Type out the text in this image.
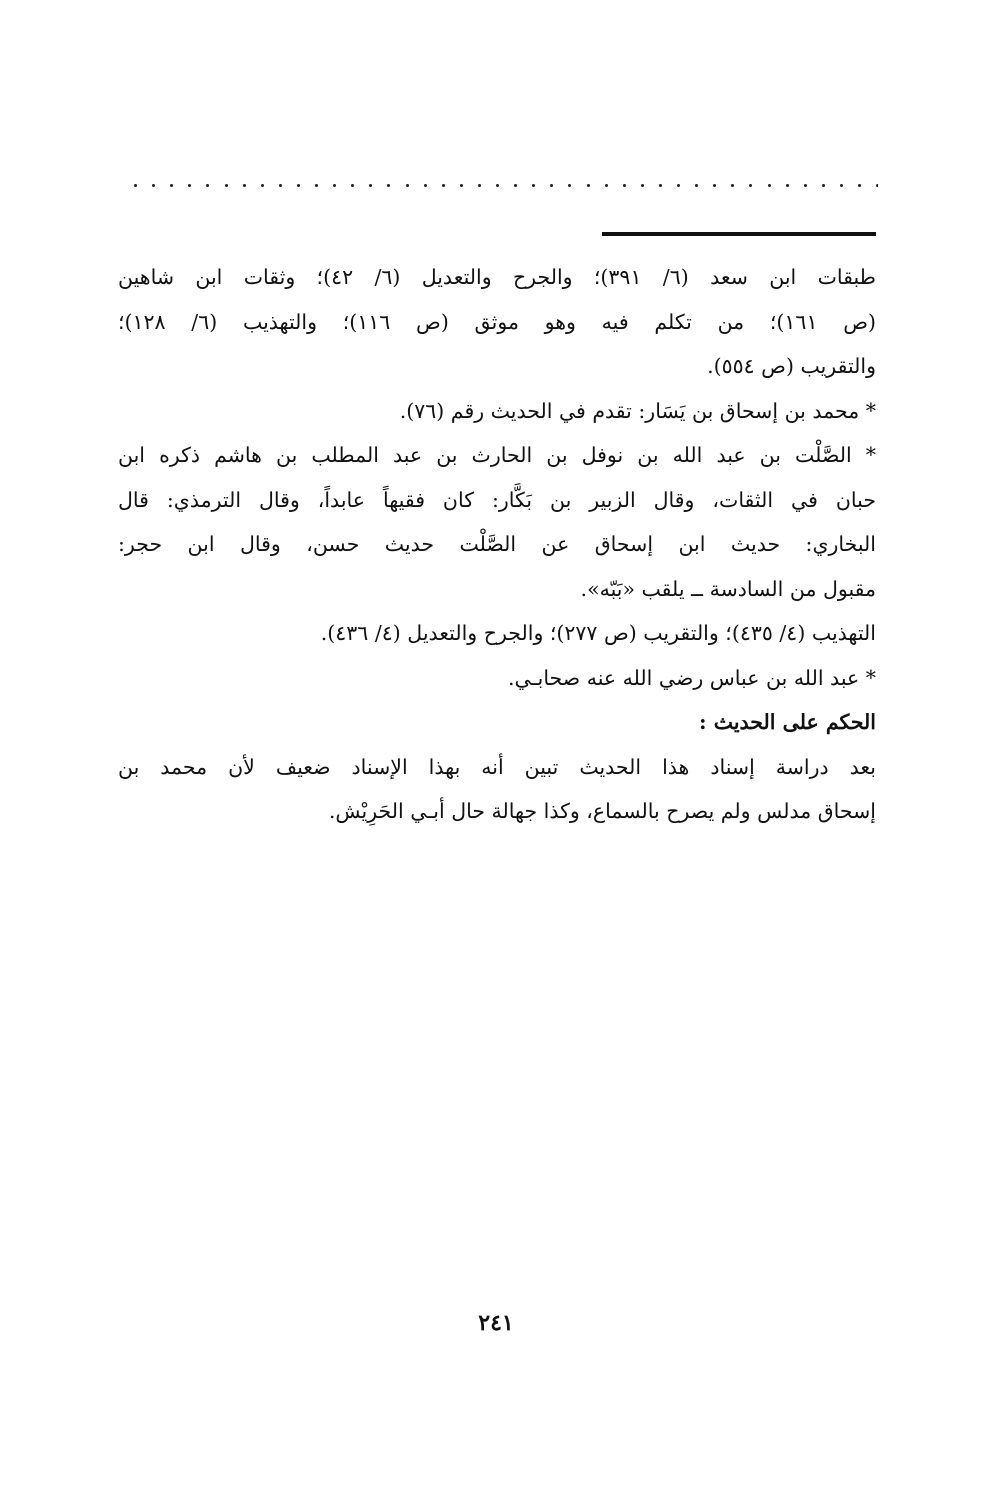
طبقات ابن سعد (٦/ ٣٩١)؛ والجرح والتعديل (٦/ ٤٢)؛ وثقات ابن شاهين

(ص ١٦١)؛ من تكلم فيه وهو موثق (ص ١١٦)؛ والتهذيب (٦/ ١٢٨)؛

والتقريب (ص ٥٥٤).

* محمد بن إسحاق بن يَسَار: تقدم في الحديث رقم (٧٦).

* الصَّلْت بن عبد الله بن نوفل بن الحارث بن عبد المطلب بن هاشم ذكره ابن

حبان في الثقات، وقال الزبير بن بَكَّار: كان فقيهاً عابداً، وقال الترمذي: قال

البخاري: حديث ابن إسحاق عن الصَّلْت حديث حسن، وقال ابن حجر:

مقبول من السادسة ــ يلقب «بَبّه».

التهذيب (٤/ ٤٣٥)؛ والتقريب (ص ٢٧٧)؛ والجرح والتعديل (٤/ ٤٣٦).

* عبد الله بن عباس رضي الله عنه صحابـي.

الحكم على الحديث :

بعد دراسة إسناد هذا الحديث تبين أنه بهذا الإسناد ضعيف لأن محمد بن

إسحاق مدلس ولم يصرح بالسماع، وكذا جهالة حال أبـي الحَرِيْش.

٢٤١
